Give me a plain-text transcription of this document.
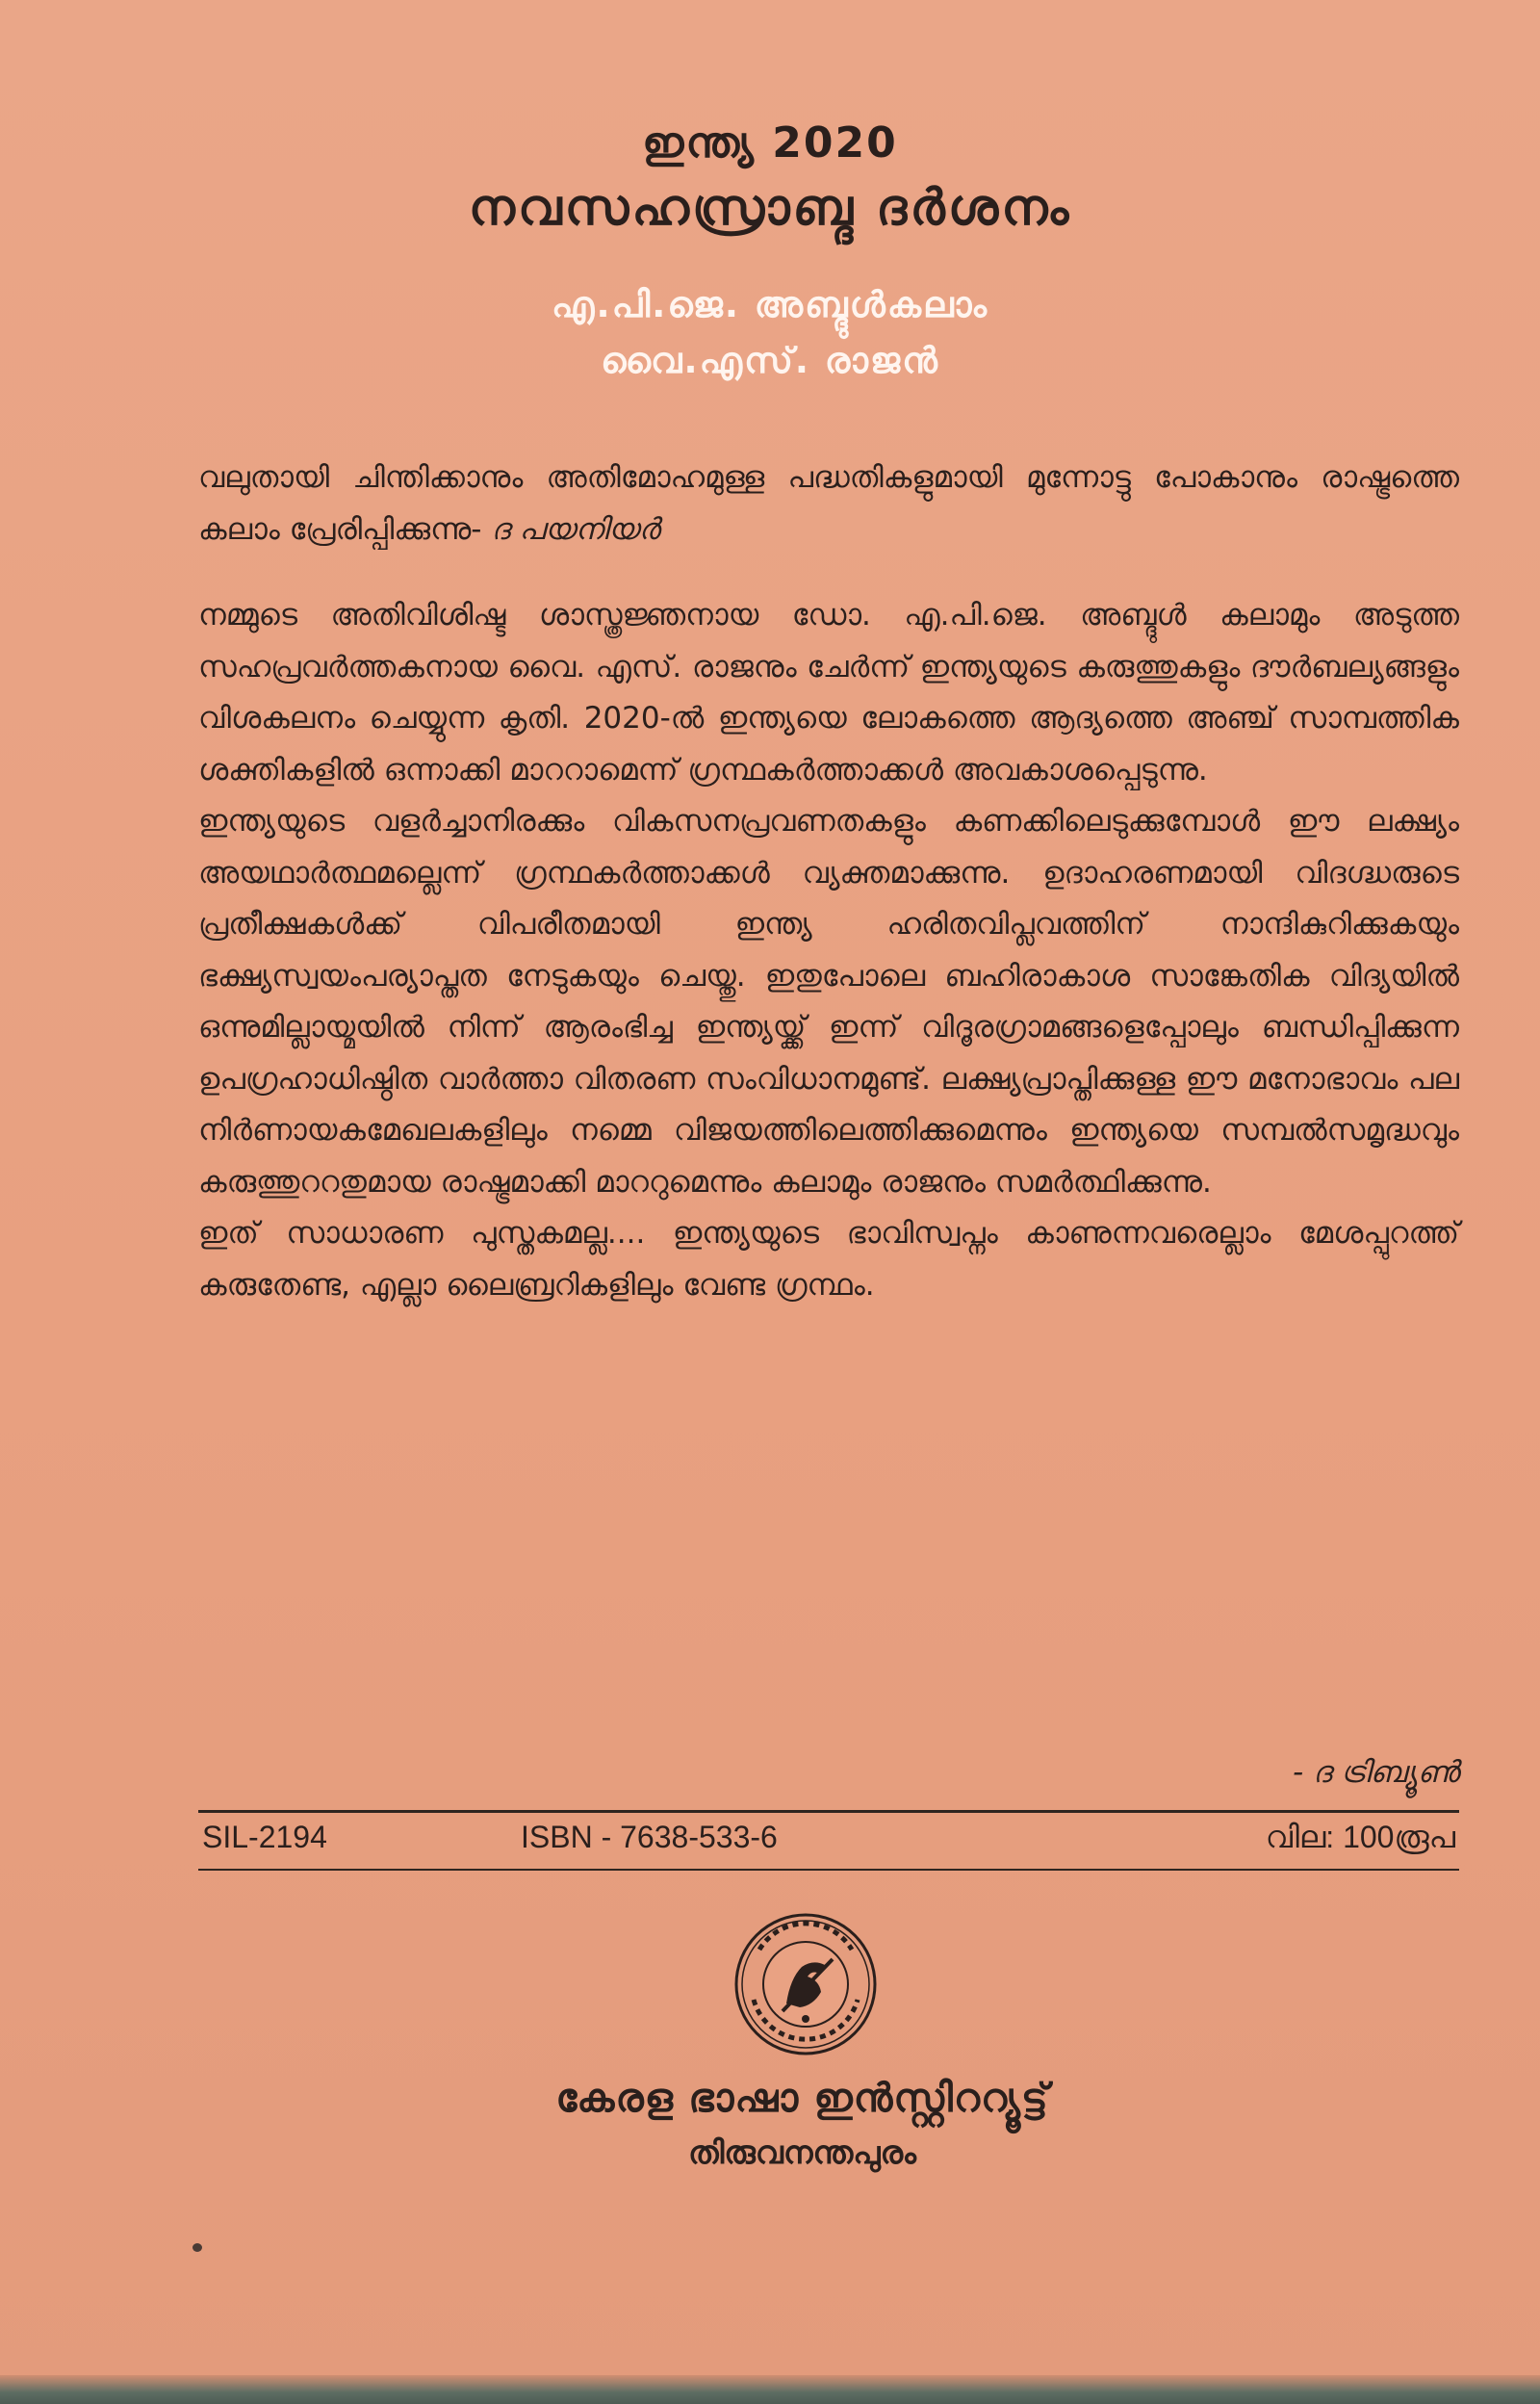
ഇന്ത്യ 2020

നവസഹസ്രാബ്ദ ദർശനം

എ.പി.ജെ. അബ്ദുൾകലാം

വൈ.എസ്. രാജൻ

വലുതായി ചിന്തിക്കാനും അതിമോഹമുള്ള പദ്ധതികളുമായി മുന്നോട്ടു പോകാനും രാഷ്ട്രത്തെ കലാം പ്രേരിപ്പിക്കുന്നു- ദ പയനിയർ

നമ്മുടെ അതിവിശിഷ്ട ശാസ്ത്രജ്ഞനായ ഡോ. എ.പി.ജെ. അബ്ദുൾ കലാമും അടുത്ത സഹപ്രവർത്തകനായ വൈ. എസ്. രാജനും ചേർന്ന് ഇന്ത്യയുടെ കരുത്തുകളും ദൗർബല്യങ്ങളും വിശകലനം ചെയ്യുന്ന കൃതി. 2020-ൽ ഇന്ത്യയെ ലോകത്തെ ആദ്യത്തെ അഞ്ച് സാമ്പത്തിക ശക്തികളിൽ ഒന്നാക്കി മാററാമെന്ന് ഗ്രന്ഥകർത്താക്കൾ അവകാശപ്പെടുന്നു.

ഇന്ത്യയുടെ വളർച്ചാനിരക്കും വികസനപ്രവണതകളും കണക്കിലെടുക്കുമ്പോൾ ഈ ലക്ഷ്യം അയഥാർത്ഥമല്ലെന്ന് ഗ്രന്ഥകർത്താക്കൾ വ്യക്തമാക്കുന്നു. ഉദാഹരണമായി വിദഗ്ദ്ധരുടെ പ്രതീക്ഷകൾക്ക് വിപരീതമായി ഇന്ത്യ ഹരിതവിപ്ലവത്തിന് നാന്ദികുറിക്കുകയും ഭക്ഷ്യസ്വയംപര്യാപ്തത നേടുകയും ചെയ്തു. ഇതുപോലെ ബഹിരാകാശ സാങ്കേതിക വിദ്യയിൽ ഒന്നുമില്ലായ്മയിൽ നിന്ന് ആരംഭിച്ച ഇന്ത്യയ്ക്ക് ഇന്ന് വിദൂരഗ്രാമങ്ങളെപ്പോലും ബന്ധിപ്പിക്കുന്ന ഉപഗ്രഹാധിഷ്ഠിത വാർത്താ വിതരണ സംവിധാനമുണ്ട്. ലക്ഷ്യപ്രാപ്തിക്കുള്ള ഈ മനോഭാവം പല നിർണായകമേഖലകളിലും നമ്മെ വിജയത്തിലെത്തിക്കുമെന്നും ഇന്ത്യയെ സമ്പൽസമൃദ്ധവും കരുത്തുററതുമായ രാഷ്ട്രമാക്കി മാററുമെന്നും കലാമും രാജനും സമർത്ഥിക്കുന്നു.

ഇത് സാധാരണ പുസ്തകമല്ല.... ഇന്ത്യയുടെ ഭാവിസ്വപ്നം കാണുന്നവരെല്ലാം മേശപ്പുറത്ത് കരുതേണ്ട, എല്ലാ ലൈബ്രറികളിലും വേണ്ട ഗ്രന്ഥം.

- ദ ട്രിബ്യൂൺ
SIL-2194	ISBN - 7638-533-6	വില: 100രൂപ

കേരള ഭാഷാ ഇൻസ്റ്റിററ്യൂട്ട്

തിരുവനന്തപുരം
